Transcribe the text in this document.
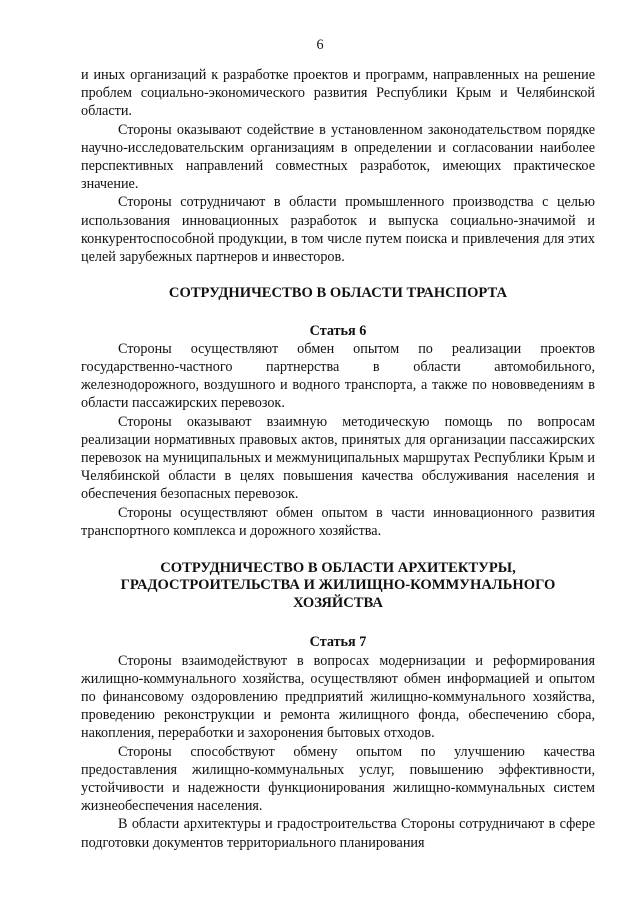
6

и иных организаций к разработке проектов и программ, направленных на решение проблем социально-экономического развития Республики Крым и Челябинской области.

Стороны оказывают содействие в установленном законодательством порядке научно-исследовательским организациям в определении и согласовании наиболее перспективных направлений совместных разработок, имеющих практическое значение.

Стороны сотрудничают в области промышленного производства с целью использования инновационных разработок и выпуска социально-значимой и конкурентоспособной продукции, в том числе путем поиска и привлечения для этих целей зарубежных партнеров и инвесторов.

СОТРУДНИЧЕСТВО В ОБЛАСТИ ТРАНСПОРТА
Статья 6

Стороны осуществляют обмен опытом по реализации проектов государственно-частного партнерства в области автомобильного, железнодорожного, воздушного и водного транспорта, а также по нововведениям в области пассажирских перевозок.

Стороны оказывают взаимную методическую помощь по вопросам реализации нормативных правовых актов, принятых для организации пассажирских перевозок на муниципальных и межмуниципальных маршрутах Республики Крым и Челябинской области в целях повышения качества обслуживания населения и обеспечения безопасных перевозок.

Стороны осуществляют обмен опытом в части инновационного развития транспортного комплекса и дорожного хозяйства.

СОТРУДНИЧЕСТВО В ОБЛАСТИ АРХИТЕКТУРЫ,
ГРАДОСТРОИТЕЛЬСТВА И ЖИЛИЩНО-КОММУНАЛЬНОГО
ХОЗЯЙСТВА
Статья 7

Стороны взаимодействуют в вопросах модернизации и реформирования жилищно-коммунального хозяйства, осуществляют обмен информацией и опытом по финансовому оздоровлению предприятий жилищно-коммунального хозяйства, проведению реконструкции и ремонта жилищного фонда, обеспечению сбора, накопления, переработки и захоронения бытовых отходов.

Стороны способствуют обмену опытом по улучшению качества предоставления жилищно-коммунальных услуг, повышению эффективности, устойчивости и надежности функционирования жилищно-коммунальных систем жизнеобеспечения населения.

В области архитектуры и градостроительства Стороны сотрудничают в сфере подготовки документов территориального планирования
